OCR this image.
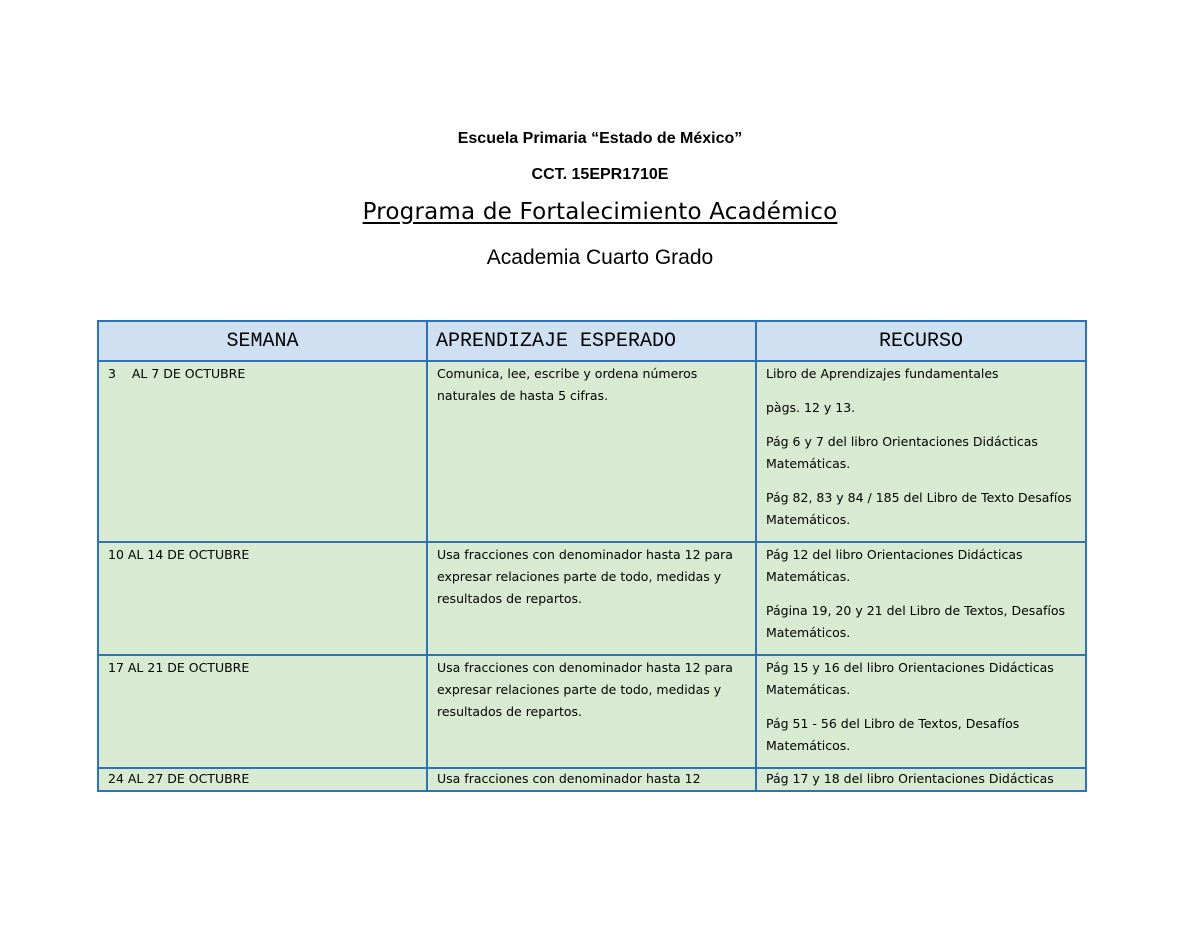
Escuela Primaria “Estado de México”
CCT. 15EPR1710E
Programa de Fortalecimiento Académico
Academia Cuarto Grado
SEMANA	APRENDIZAJE ESPERADO	RECURSO
3    AL 7 DE OCTUBRE	Comunica, lee, escribe y ordena números naturales de hasta 5 cifras.	Libro de Aprendizajes fundamentales

pàgs. 12 y 13.

Pág 6 y 7 del libro Orientaciones Didácticas Matemáticas.

Pág 82, 83 y 84 / 185 del Libro de Texto Desafíos Matemáticos.

10 AL 14 DE OCTUBRE	Usa fracciones con denominador hasta 12 para expresar relaciones parte de todo, medidas y resultados de repartos.	Pág 12 del libro Orientaciones Didácticas Matemáticas.

Página 19, 20 y 21 del Libro de Textos, Desafíos Matemáticos.

17 AL 21 DE OCTUBRE	Usa fracciones con denominador hasta 12 para expresar relaciones parte de todo, medidas y resultados de repartos.	Pág 15 y 16 del libro Orientaciones Didácticas Matemáticas.

Pág 51 - 56 del Libro de Textos, Desafíos Matemáticos.

24 AL 27 DE OCTUBRE	Usa fracciones con denominador hasta 12	Pág 17 y 18 del libro Orientaciones Didácticas
